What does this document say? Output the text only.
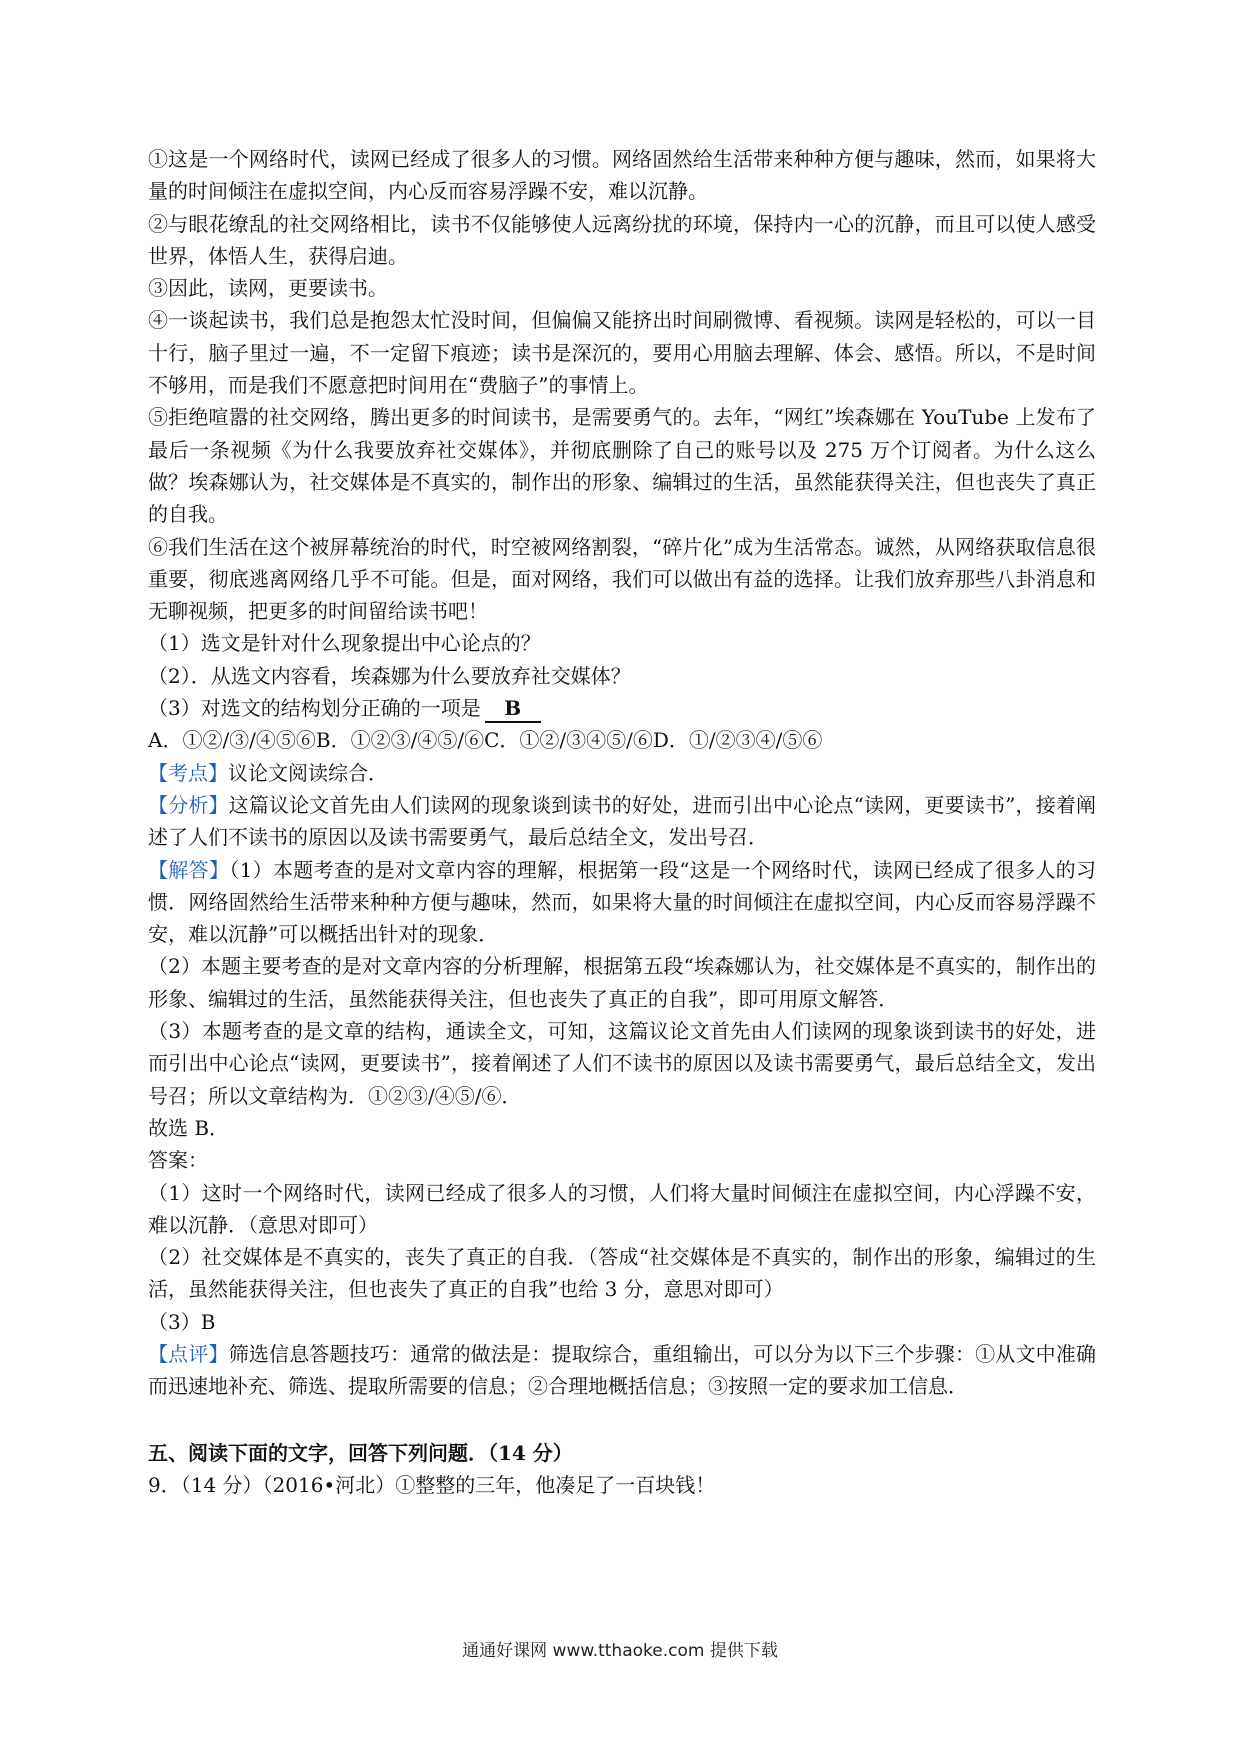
①这是一个网络时代，读网已经成了很多人的习惯。网络固然给生活带来种种方便与趣味，然而，如果将大量的时间倾注在虚拟空间，内心反而容易浮躁不安，难以沉静。

②与眼花缭乱的社交网络相比，读书不仅能够使人远离纷扰的环境，保持内一心的沉静，而且可以使人感受世界，体悟人生，获得启迪。

③因此，读网，更要读书。

④一谈起读书，我们总是抱怨太忙没时间，但偏偏又能挤出时间刷微博、看视频。读网是轻松的，可以一目十行，脑子里过一遍，不一定留下痕迹；读书是深沉的，要用心用脑去理解、体会、感悟。所以，不是时间不够用，而是我们不愿意把时间用在“费脑子”的事情上。

⑤拒绝喧嚣的社交网络，腾出更多的时间读书，是需要勇气的。去年，“网红”埃森娜在 YouTube 上发布了最后一条视频《为什么我要放弃社交媒体》，并彻底删除了自己的账号以及 275 万个订阅者。为什么这么做？埃森娜认为，社交媒体是不真实的，制作出的形象、编辑过的生活，虽然能获得关注，但也丧失了真正的自我。

⑥我们生活在这个被屏幕统治的时代，时空被网络割裂，“碎片化”成为生活常态。诚然，从网络获取信息很重要，彻底逃离网络几乎不可能。但是，面对网络，我们可以做出有益的选择。让我们放弃那些八卦消息和无聊视频，把更多的时间留给读书吧！

（1）选文是针对什么现象提出中心论点的？

（2）．从选文内容看，埃森娜为什么要放弃社交媒体？

（3）对选文的结构划分正确的一项是 B

A．①②/③/④⑤⑥B．①②③/④⑤/⑥C．①②/③④⑤/⑥D．①/②③④/⑤⑥

【考点】议论文阅读综合．

【分析】这篇议论文首先由人们读网的现象谈到读书的好处，进而引出中心论点“读网，更要读书”，接着阐述了人们不读书的原因以及读书需要勇气，最后总结全文，发出号召．

【解答】（1）本题考查的是对文章内容的理解，根据第一段“这是一个网络时代，读网已经成了很多人的习惯．网络固然给生活带来种种方便与趣味，然而，如果将大量的时间倾注在虚拟空间，内心反而容易浮躁不安，难以沉静”可以概括出针对的现象．

（2）本题主要考查的是对文章内容的分析理解，根据第五段“埃森娜认为，社交媒体是不真实的，制作出的形象、编辑过的生活，虽然能获得关注，但也丧失了真正的自我”，即可用原文解答．

（3）本题考查的是文章的结构，通读全文，可知，这篇议论文首先由人们读网的现象谈到读书的好处，进而引出中心论点“读网，更要读书”，接着阐述了人们不读书的原因以及读书需要勇气，最后总结全文，发出号召；所以文章结构为．①②③/④⑤/⑥．

故选 B．

答案：

（1）这时一个网络时代，读网已经成了很多人的习惯，人们将大量时间倾注在虚拟空间，内心浮躁不安，难以沉静．（意思对即可）

（2）社交媒体是不真实的，丧失了真正的自我．（答成“社交媒体是不真实的，制作出的形象，编辑过的生活，虽然能获得关注，但也丧失了真正的自我”也给 3 分，意思对即可）

（3）B

【点评】筛选信息答题技巧：通常的做法是：提取综合，重组输出，可以分为以下三个步骤：①从文中准确而迅速地补充、筛选、提取所需要的信息；②合理地概括信息；③按照一定的要求加工信息．

五、阅读下面的文字，回答下列问题．（14 分）

9．（14 分）（2016•河北）①整整的三年，他凑足了一百块钱！

通通好课网 www.tthaoke.com 提供下载
